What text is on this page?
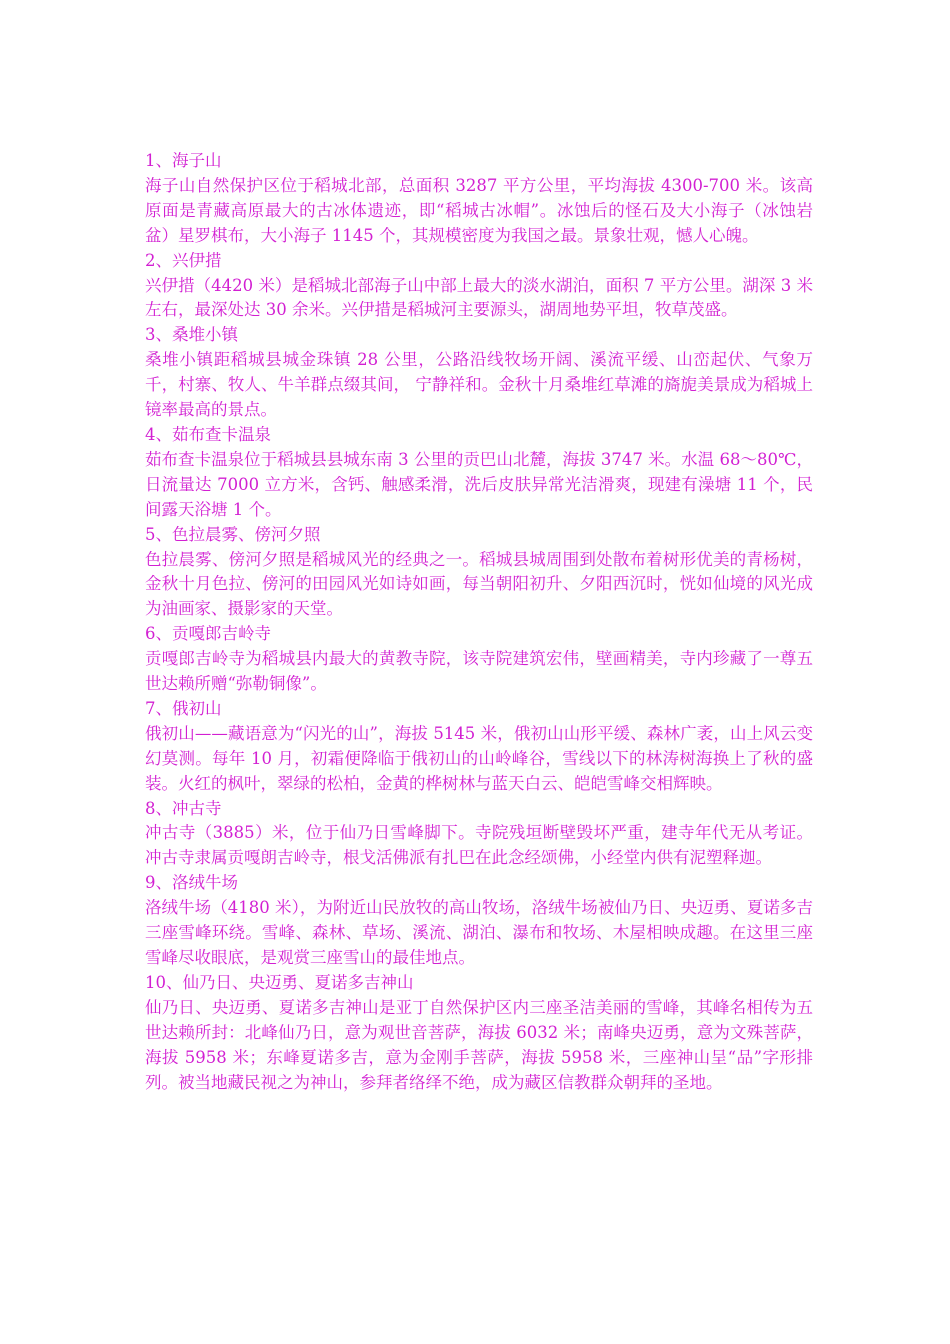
1、海子山

海子山自然保护区位于稻城北部，总面积 3287 平方公里，平均海拔 4300-700 米。该高原面是青藏高原最大的古冰体遗迹，即“稻城古冰帽”。冰蚀后的怪石及大小海子（冰蚀岩盆）星罗棋布，大小海子 1145 个，其规模密度为我国之最。景象壮观，憾人心魄。

2、兴伊措

兴伊措（4420 米）是稻城北部海子山中部上最大的淡水湖泊，面积 7 平方公里。湖深 3 米左右，最深处达 30 余米。兴伊措是稻城河主要源头，湖周地势平坦，牧草茂盛。

3、桑堆小镇

桑堆小镇距稻城县城金珠镇 28 公里，公路沿线牧场开阔、溪流平缓、山峦起伏、气象万千，村寨、牧人、牛羊群点缀其间， 宁静祥和。金秋十月桑堆红草滩的旖旎美景成为稻城上镜率最高的景点。

4、茹布查卡温泉

茹布查卡温泉位于稻城县县城东南 3 公里的贡巴山北麓，海拔 3747 米。水温 68～80℃，日流量达 7000 立方米，含钙、触感柔滑，洗后皮肤异常光洁滑爽，现建有澡塘 11 个，民间露天浴塘 1 个。

5、色拉晨雾、傍河夕照

色拉晨雾、傍河夕照是稻城风光的经典之一。稻城县城周围到处散布着树形优美的青杨树，金秋十月色拉、傍河的田园风光如诗如画，每当朝阳初升、夕阳西沉时，恍如仙境的风光成为油画家、摄影家的天堂。

6、贡嘎郎吉岭寺

贡嘎郎吉岭寺为稻城县内最大的黄教寺院，该寺院建筑宏伟，壁画精美，寺内珍藏了一尊五世达赖所赠“弥勒铜像”。

7、俄初山

俄初山——藏语意为“闪光的山”，海拔 5145 米，俄初山山形平缓、森林广袤，山上风云变幻莫测。每年 10 月，初霜便降临于俄初山的山岭峰谷，雪线以下的林涛树海换上了秋的盛装。火红的枫叶，翠绿的松柏，金黄的桦树林与蓝天白云、皑皑雪峰交相辉映。

8、冲古寺

冲古寺（3885）米，位于仙乃日雪峰脚下。寺院残垣断壁毁坏严重，建寺年代无从考证。冲古寺隶属贡嘎朗吉岭寺，根戈活佛派有扎巴在此念经颂佛，小经堂内供有泥塑释迦。

9、洛绒牛场

洛绒牛场（4180 米），为附近山民放牧的高山牧场，洛绒牛场被仙乃日、央迈勇、夏诺多吉三座雪峰环绕。雪峰、森林、草场、溪流、湖泊、瀑布和牧场、木屋相映成趣。在这里三座雪峰尽收眼底，是观赏三座雪山的最佳地点。

10、仙乃日、央迈勇、夏诺多吉神山

仙乃日、央迈勇、夏诺多吉神山是亚丁自然保护区内三座圣洁美丽的雪峰，其峰名相传为五世达赖所封：北峰仙乃日，意为观世音菩萨，海拔 6032 米；南峰央迈勇，意为文殊菩萨，海拔 5958 米；东峰夏诺多吉，意为金刚手菩萨，海拔 5958 米，三座神山呈“品”字形排列。被当地藏民视之为神山，参拜者络绎不绝，成为藏区信教群众朝拜的圣地。
